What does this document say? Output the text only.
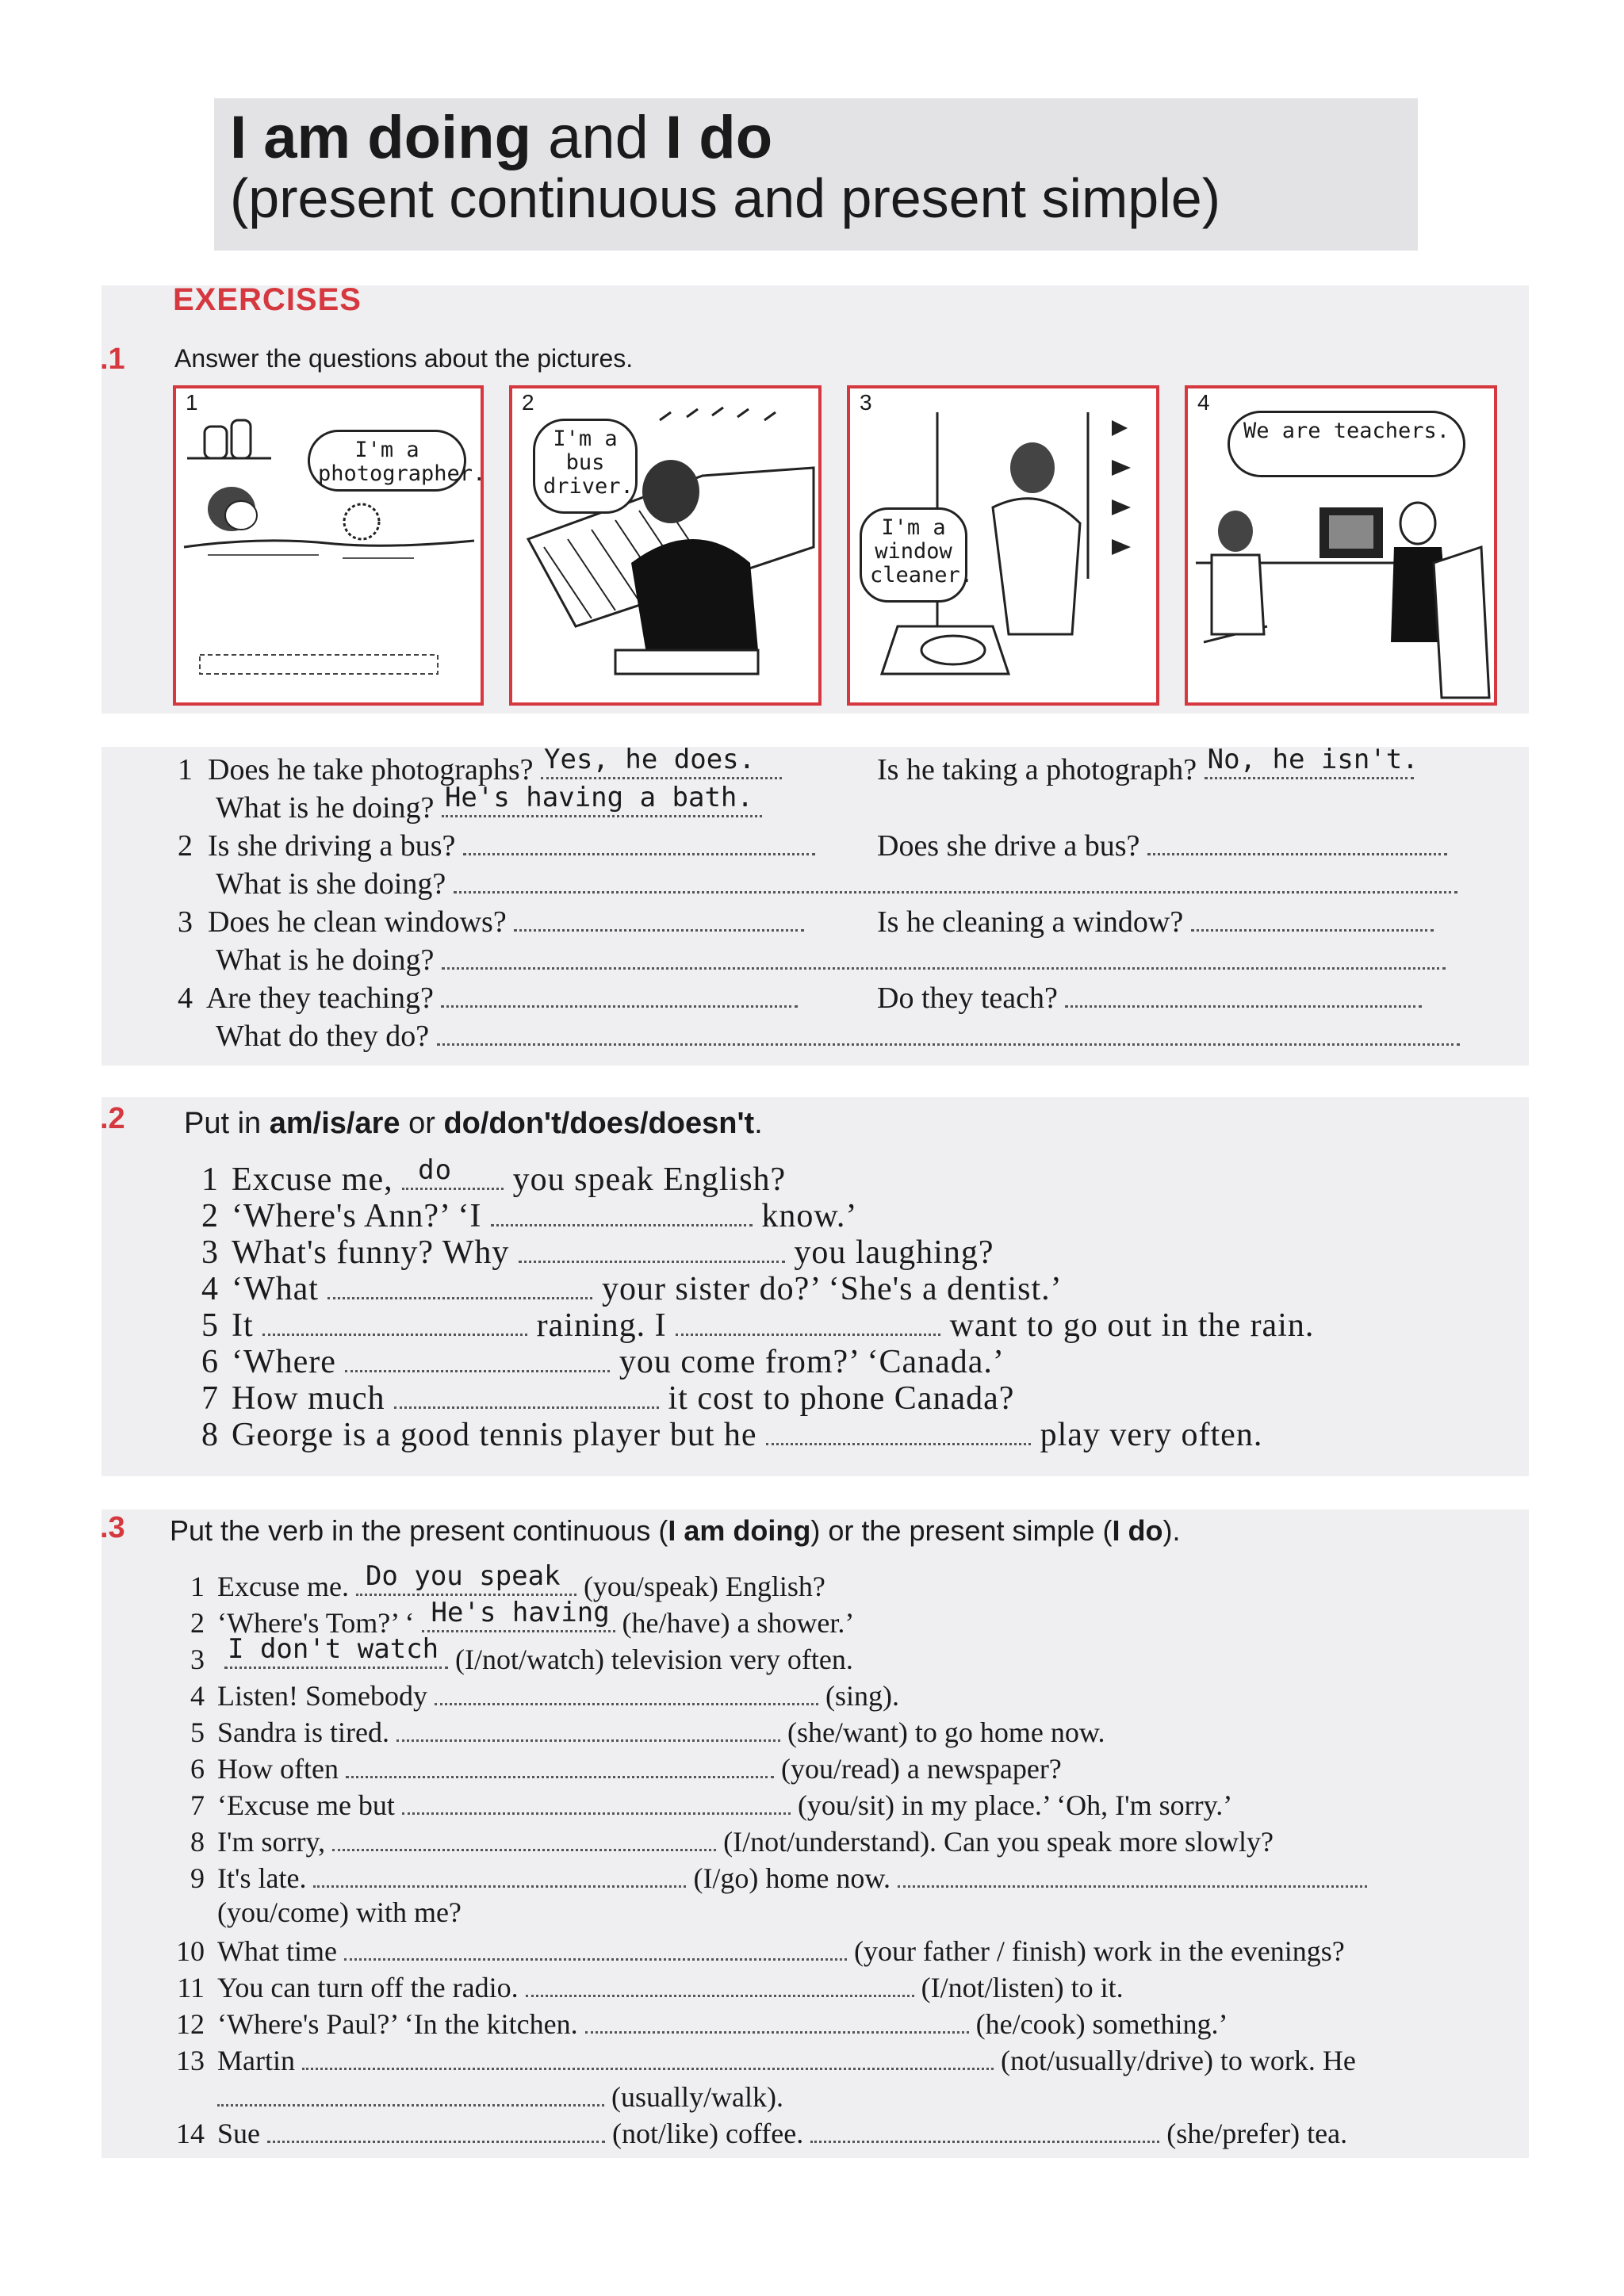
I am doing and I do
(present continuous and present simple)
EXERCISES
.1 Answer the questions about the pictures.
1
I'm a photographer.
2
I'm a bus driver.
3
I'm a window cleaner.
4
We are teachers.
1 Does he take photographs? Yes, he does.	Is he taking a photograph? No, he isn't.
What is he doing? He's having a bath.
2 Is she driving a bus?	Does she drive a bus?
What is she doing?
3 Does he clean windows?	Is he cleaning a window?
What is he doing?
4 Are they teaching?	Do they teach?
What do they do?
.2 Put in am/is/are or do/don't/does/doesn't.
1 Excuse me, do you speak English?
2 ‘Where's Ann?’ ‘I	know.’
3 What's funny? Why	you laughing?
4 ‘What	your sister do?’ ‘She's a dentist.’
5 It	raining. I	want to go out in the rain.
6 ‘Where	you come from?’ ‘Canada.’
7 How much	it cost to phone Canada?
8 George is a good tennis player but he	play very often.
.3 Put the verb in the present continuous (I am doing) or the present simple (I do).
1 Excuse me. Do you speak (you/speak) English?
2 ‘Where's Tom?’ ‘ He's having (he/have) a shower.’
3 I don't watch (I/not/watch) television very often.
4 Listen! Somebody	(sing).
5 Sandra is tired.	(she/want) to go home now.
6 How often	(you/read) a newspaper?
7 ‘Excuse me but	(you/sit) in my place.’ ‘Oh, I'm sorry.’
8 I'm sorry,	(I/not/understand). Can you speak more slowly?
9 It's late.	(I/go) home now.
(you/come) with me?
10 What time	(your father / finish) work in the evenings?
11 You can turn off the radio.	(I/not/listen) to it.
12 ‘Where's Paul?’ ‘In the kitchen.	(he/cook) something.’
13 Martin	(not/usually/drive) to work. He
(usually/walk).
14 Sue	(not/like) coffee.	(she/prefer) tea.
